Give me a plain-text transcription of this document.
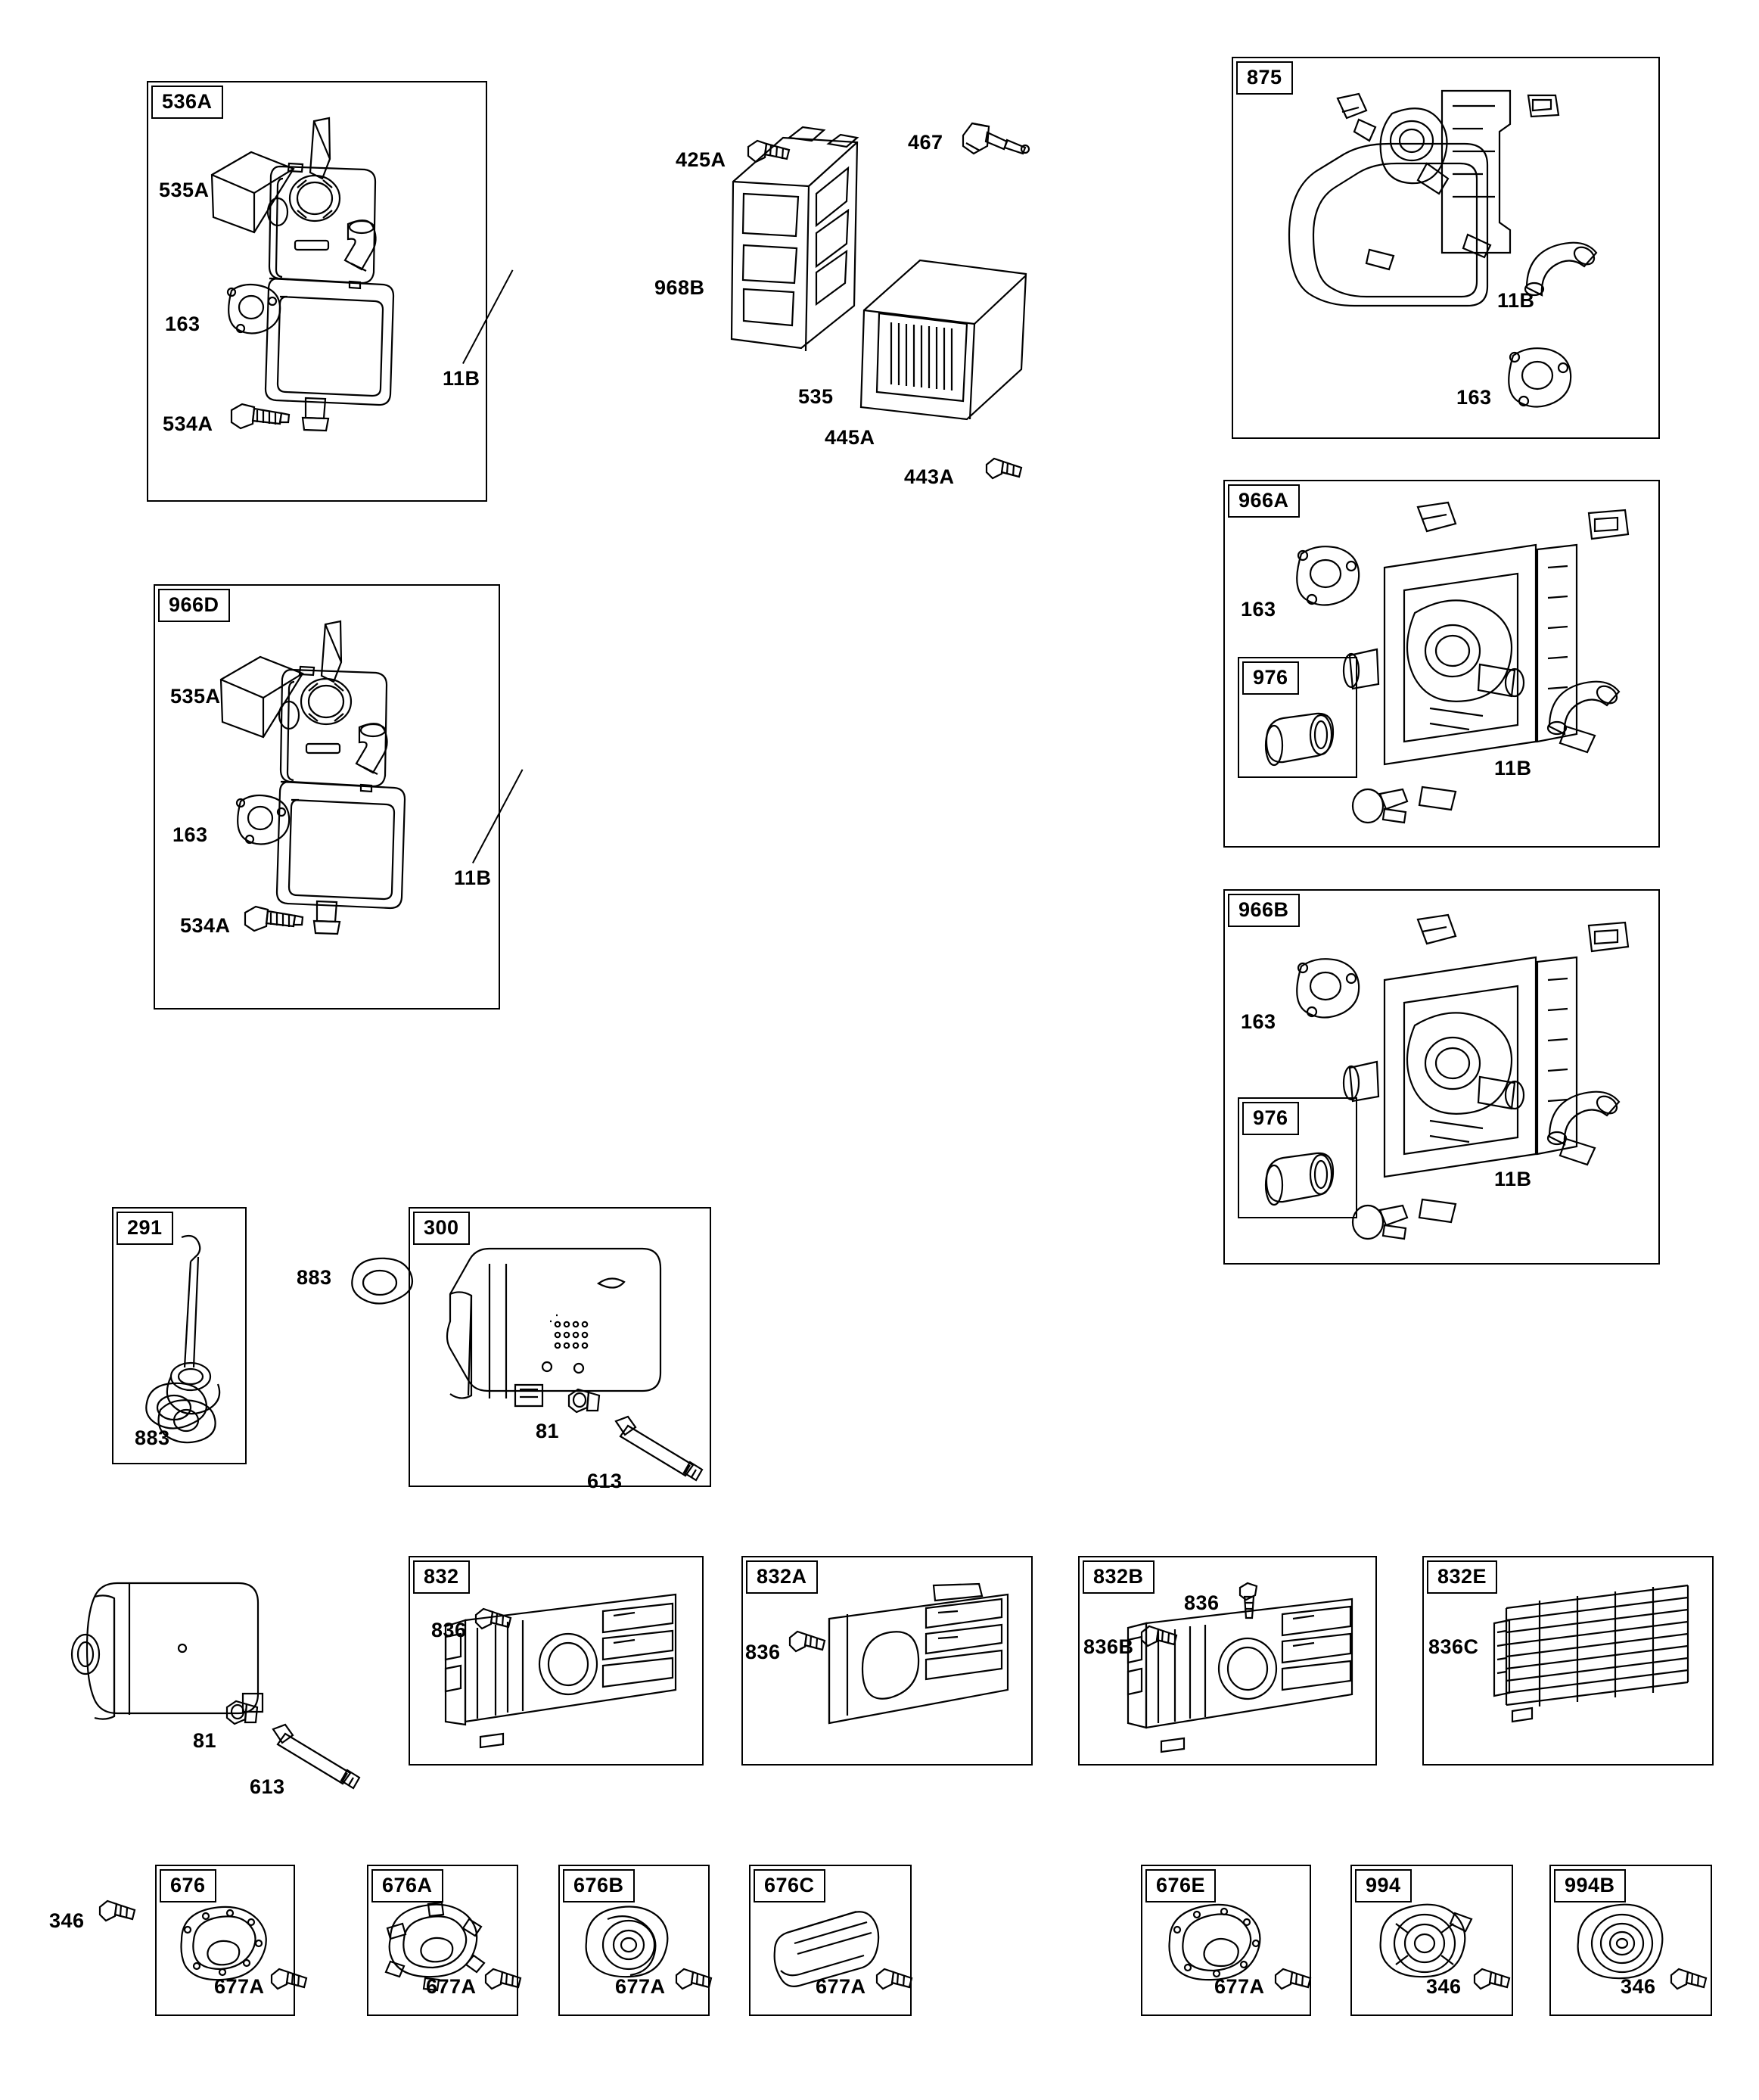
536A
535A
163
534A
11B
966D
535A
163
534A
11B
425A
467
968B
535
445A
443A
875
11B
163
966A
163
976
11B
966B
163
976
11B
291
883
883
300
81
613
81
613
832
836
832A
836
832B
836
836B
832E
836C
346
676
677A
676A
677A
676B
677A
676C
677A
676E
677A
994
346
994B
346
